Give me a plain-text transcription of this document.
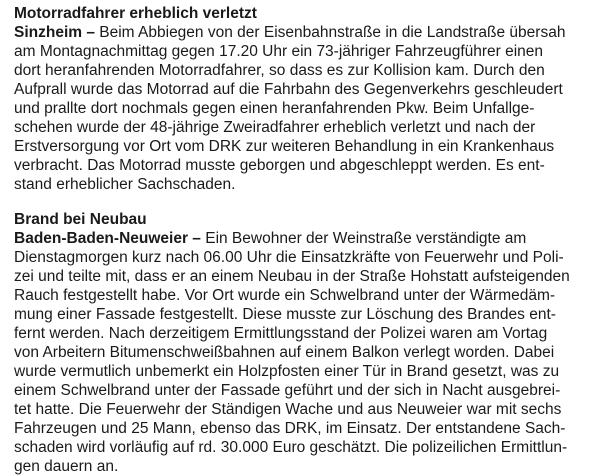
Motorradfahrer erheblich verletzt

Sinzheim – Beim Abbiegen von der Eisenbahnstraße in die Landstraße übersah

am Montagnachmittag gegen 17.20 Uhr ein 73-jähriger Fahrzeugführer einen

dort heranfahrenden Motorradfahrer, so dass es zur Kollision kam. Durch den

Aufprall wurde das Motorrad auf die Fahrbahn des Gegenverkehrs geschleudert

und prallte dort nochmals gegen einen heranfahrenden Pkw. Beim Unfallge-

schehen wurde der 48-jährige Zweiradfahrer erheblich verletzt und nach der

Erstversorgung vor Ort vom DRK zur weiteren Behandlung in ein Krankenhaus

verbracht. Das Motorrad musste geborgen und abgeschleppt werden. Es ent-

stand erheblicher Sachschaden.

Brand bei Neubau

Baden-Baden-Neuweier – Ein Bewohner der Weinstraße verständigte am

Dienstagmorgen kurz nach 06.00 Uhr die Einsatzkräfte von Feuerwehr und Poli-

zei und teilte mit, dass er an einem Neubau in der Straße Hohstatt aufsteigenden

Rauch festgestellt habe. Vor Ort wurde ein Schwelbrand unter der Wärmedäm-

mung einer Fassade festgestellt. Diese musste zur Löschung des Brandes ent-

fernt werden. Nach derzeitigem Ermittlungsstand der Polizei waren am Vortag

von Arbeitern Bitumenschweißbahnen auf einem Balkon verlegt worden. Dabei

wurde vermutlich unbemerkt ein Holzpfosten einer Tür in Brand gesetzt, was zu

einem Schwelbrand unter der Fassade geführt und der sich in Nacht ausgebrei-

tet hatte. Die Feuerwehr der Ständigen Wache und aus Neuweier war mit sechs

Fahrzeugen und 25 Mann, ebenso das DRK, im Einsatz. Der entstandene Sach-

schaden wird vorläufig auf rd. 30.000 Euro geschätzt. Die polizeilichen Ermittlun-

gen dauern an.
